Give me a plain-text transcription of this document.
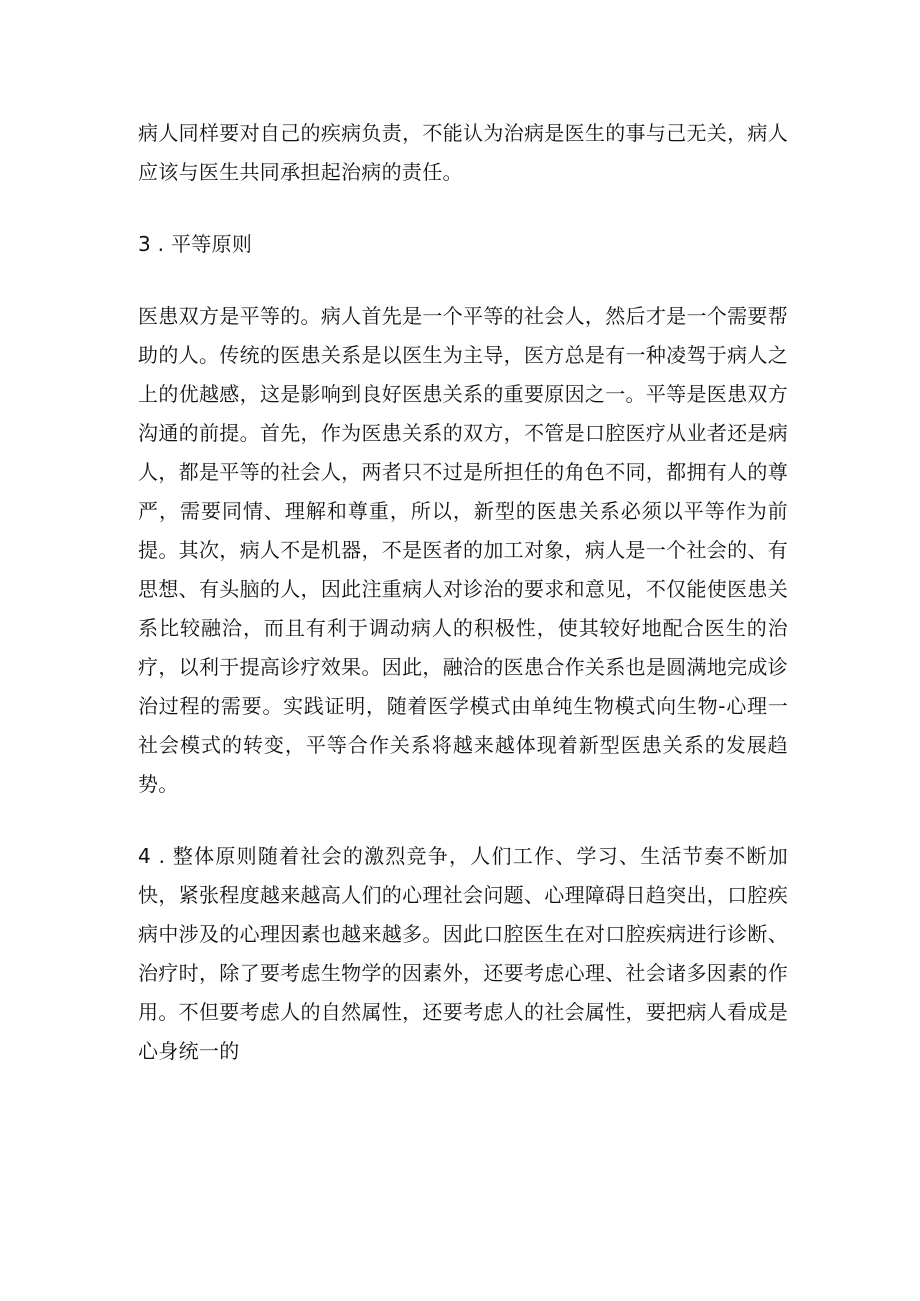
病人同样要对自己的疾病负责，不能认为治病是医生的事与己无关，病人应该与医生共同承担起治病的责任。

3 . 平等原则

医患双方是平等的。病人首先是一个平等的社会人，然后才是一个需要帮助的人。传统的医患关系是以医生为主导，医方总是有一种凌驾于病人之上的优越感，这是影响到良好医患关系的重要原因之一。平等是医患双方沟通的前提。首先，作为医患关系的双方，不管是口腔医疗从业者还是病人，都是平等的社会人，两者只不过是所担任的角色不同，都拥有人的尊严，需要同情、理解和尊重，所以，新型的医患关系必须以平等作为前提。其次，病人不是机器，不是医者的加工对象，病人是一个社会的、有思想、有头脑的人，因此注重病人对诊治的要求和意见，不仅能使医患关系比较融洽，而且有利于调动病人的积极性，使其较好地配合医生的治疗，以利于提高诊疗效果。因此，融洽的医患合作关系也是圆满地完成诊治过程的需要。实践证明，随着医学模式由单纯生物模式向生物-心理一社会模式的转变，平等合作关系将越来越体现着新型医患关系的发展趋势。

4 . 整体原则随着社会的激烈竞争，人们工作、学习、生活节奏不断加快，紧张程度越来越高人们的心理社会问题、心理障碍日趋突出，口腔疾病中涉及的心理因素也越来越多。因此口腔医生在对口腔疾病进行诊断、治疗时，除了要考虑生物学的因素外，还要考虑心理、社会诸多因素的作用。不但要考虑人的自然属性，还要考虑人的社会属性，要把病人看成是心身统一的
